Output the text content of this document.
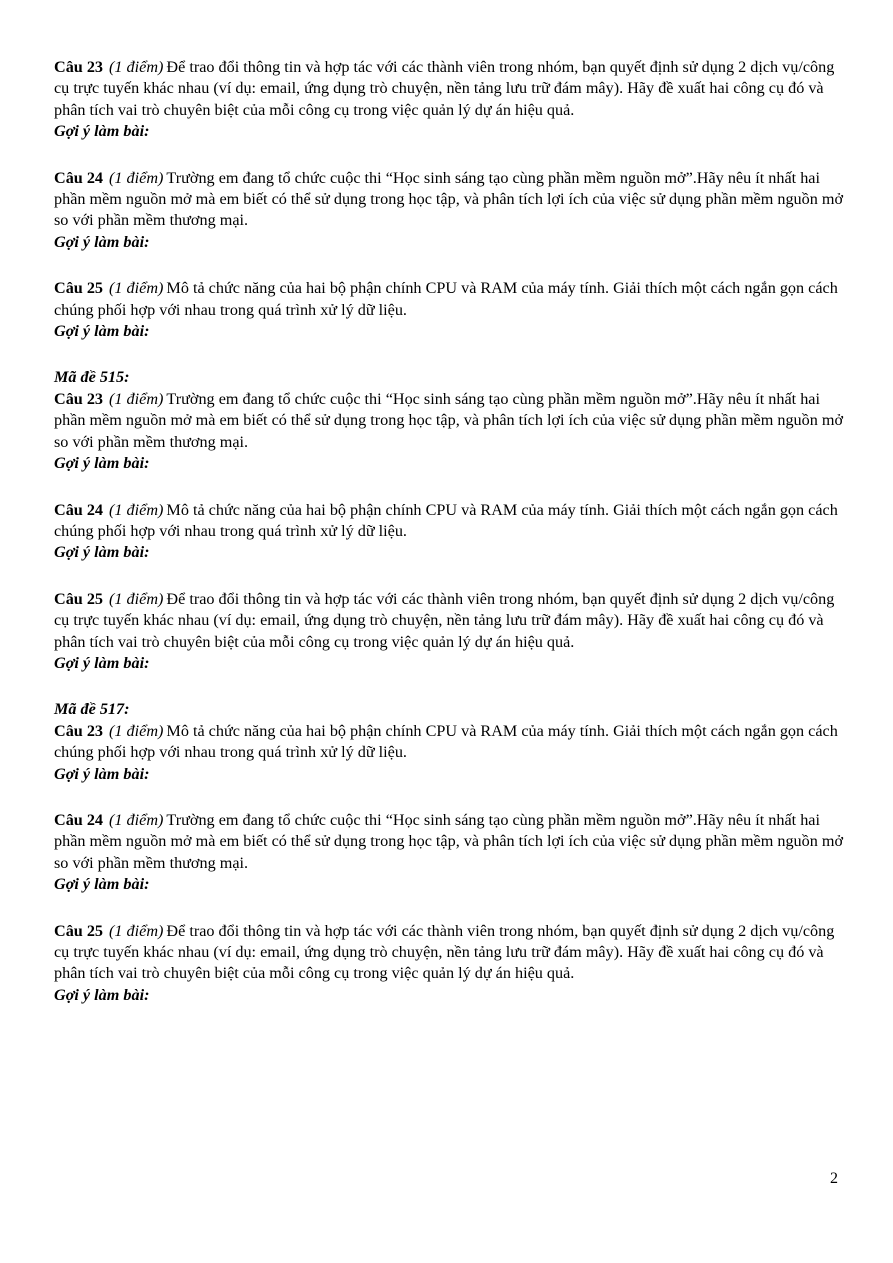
Câu 23 (1 điểm) Để trao đổi thông tin và hợp tác với các thành viên trong nhóm, bạn quyết định sử dụng 2 dịch vụ/công cụ trực tuyến khác nhau (ví dụ: email, ứng dụng trò chuyện, nền tảng lưu trữ đám mây). Hãy đề xuất hai công cụ đó và phân tích vai trò chuyên biệt của mỗi công cụ trong việc quản lý dự án hiệu quả.

Gợi ý làm bài:

Câu 24 (1 điểm) Trường em đang tổ chức cuộc thi “Học sinh sáng tạo cùng phần mềm nguồn mở”.Hãy nêu ít nhất hai phần mềm nguồn mở mà em biết có thể sử dụng trong học tập, và phân tích lợi ích của việc sử dụng phần mềm nguồn mở so với phần mềm thương mại.

Gợi ý làm bài:

Câu 25 (1 điểm) Mô tả chức năng của hai bộ phận chính CPU và RAM của máy tính. Giải thích một cách ngắn gọn cách chúng phối hợp với nhau trong quá trình xử lý dữ liệu.

Gợi ý làm bài:

Mã đề 515:

Câu 23 (1 điểm) Trường em đang tổ chức cuộc thi “Học sinh sáng tạo cùng phần mềm nguồn mở”.Hãy nêu ít nhất hai phần mềm nguồn mở mà em biết có thể sử dụng trong học tập, và phân tích lợi ích của việc sử dụng phần mềm nguồn mở so với phần mềm thương mại.

Gợi ý làm bài:

Câu 24 (1 điểm) Mô tả chức năng của hai bộ phận chính CPU và RAM của máy tính. Giải thích một cách ngắn gọn cách chúng phối hợp với nhau trong quá trình xử lý dữ liệu.

Gợi ý làm bài:

Câu 25 (1 điểm) Để trao đổi thông tin và hợp tác với các thành viên trong nhóm, bạn quyết định sử dụng 2 dịch vụ/công cụ trực tuyến khác nhau (ví dụ: email, ứng dụng trò chuyện, nền tảng lưu trữ đám mây). Hãy đề xuất hai công cụ đó và phân tích vai trò chuyên biệt của mỗi công cụ trong việc quản lý dự án hiệu quả.

Gợi ý làm bài:

Mã đề 517:

Câu 23 (1 điểm) Mô tả chức năng của hai bộ phận chính CPU và RAM của máy tính. Giải thích một cách ngắn gọn cách chúng phối hợp với nhau trong quá trình xử lý dữ liệu.

Gợi ý làm bài:

Câu 24 (1 điểm) Trường em đang tổ chức cuộc thi “Học sinh sáng tạo cùng phần mềm nguồn mở”.Hãy nêu ít nhất hai phần mềm nguồn mở mà em biết có thể sử dụng trong học tập, và phân tích lợi ích của việc sử dụng phần mềm nguồn mở so với phần mềm thương mại.

Gợi ý làm bài:

Câu 25 (1 điểm) Để trao đổi thông tin và hợp tác với các thành viên trong nhóm, bạn quyết định sử dụng 2 dịch vụ/công cụ trực tuyến khác nhau (ví dụ: email, ứng dụng trò chuyện, nền tảng lưu trữ đám mây). Hãy đề xuất hai công cụ đó và phân tích vai trò chuyên biệt của mỗi công cụ trong việc quản lý dự án hiệu quả.

Gợi ý làm bài:

2
